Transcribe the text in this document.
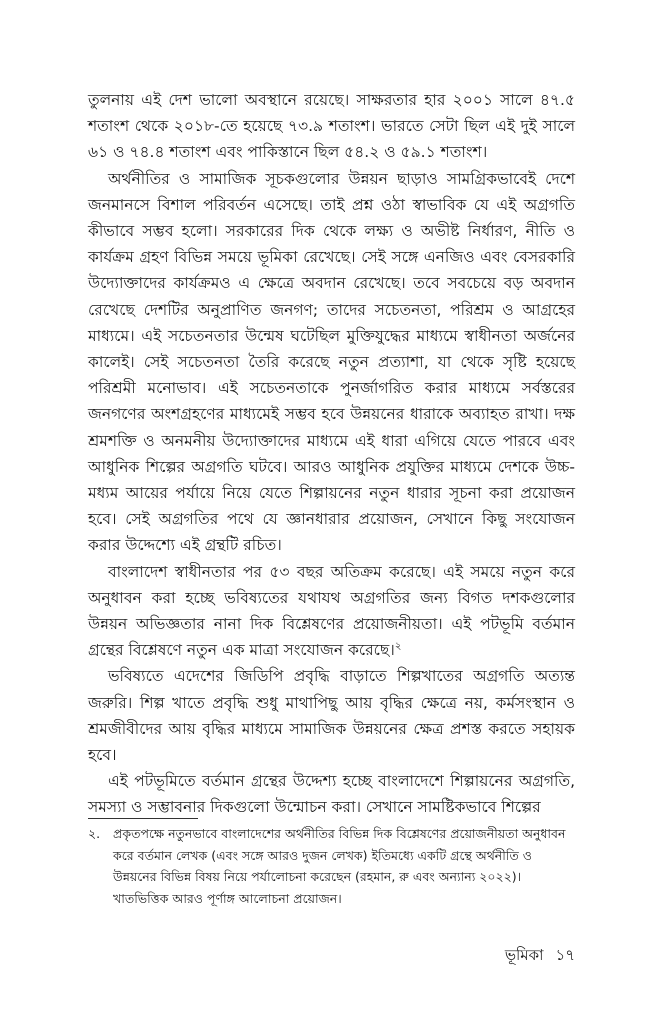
তুলনায় এই দেশ ভালো অবস্থানে রয়েছে। সাক্ষরতার হার ২০০১ সালে ৪৭.৫ শতাংশ থেকে ২০১৮-তে হয়েছে ৭৩.৯ শতাংশ। ভারতে সেটা ছিল এই দুই সালে ৬১ ও ৭৪.৪ শতাংশ এবং পাকিস্তানে ছিল ৫৪.২ ও ৫৯.১ শতাংশ।

অর্থনীতির ও সামাজিক সূচকগুলোর উন্নয়ন ছাড়াও সামগ্রিকভাবেই দেশে জনমানসে বিশাল পরিবর্তন এসেছে। তাই প্রশ্ন ওঠা স্বাভাবিক যে এই অগ্রগতি কীভাবে সম্ভব হলো। সরকারের দিক থেকে লক্ষ্য ও অভীষ্ট নির্ধারণ, নীতি ও কার্যক্রম গ্রহণ বিভিন্ন সময়ে ভূমিকা রেখেছে। সেই সঙ্গে এনজিও এবং বেসরকারি উদ্যোক্তাদের কার্যক্রমও এ ক্ষেত্রে অবদান রেখেছে। তবে সবচেয়ে বড় অবদান রেখেছে দেশটির অনুপ্রাণিত জনগণ; তাদের সচেতনতা, পরিশ্রম ও আগ্রহের মাধ্যমে। এই সচেতনতার উন্মেষ ঘটেছিল মুক্তিযুদ্ধের মাধ্যমে স্বাধীনতা অর্জনের কালেই। সেই সচেতনতা তৈরি করেছে নতুন প্রত্যাশা, যা থেকে সৃষ্টি হয়েছে পরিশ্রমী মনোভাব। এই সচেতনতাকে পুনর্জাগরিত করার মাধ্যমে সর্বস্তরের জনগণের অংশগ্রহণের মাধ্যমেই সম্ভব হবে উন্নয়নের ধারাকে অব্যাহত রাখা। দক্ষ শ্রমশক্তি ও অনমনীয় উদ্যোক্তাদের মাধ্যমে এই ধারা এগিয়ে যেতে পারবে এবং আধুনিক শিল্পের অগ্রগতি ঘটবে। আরও আধুনিক প্রযুক্তির মাধ্যমে দেশকে উচ্চ-মধ্যম আয়ের পর্যায়ে নিয়ে যেতে শিল্পায়নের নতুন ধারার সূচনা করা প্রয়োজন হবে। সেই অগ্রগতির পথে যে জ্ঞানধারার প্রয়োজন, সেখানে কিছু সংযোজন করার উদ্দেশ্যে এই গ্রন্থটি রচিত।

বাংলাদেশ স্বাধীনতার পর ৫৩ বছর অতিক্রম করেছে। এই সময়ে নতুন করে অনুধাবন করা হচ্ছে ভবিষ্যতের যথাযথ অগ্রগতির জন্য বিগত দশকগুলোর উন্নয়ন অভিজ্ঞতার নানা দিক বিশ্লেষণের প্রয়োজনীয়তা। এই পটভূমি বর্তমান গ্রন্থের বিশ্লেষণে নতুন এক মাত্রা সংযোজন করেছে।$^২$

ভবিষ্যতে এদেশের জিডিপি প্রবৃদ্ধি বাড়াতে শিল্পখাতের অগ্রগতি অত্যন্ত জরুরি। শিল্প খাতে প্রবৃদ্ধি শুধু মাথাপিছু আয় বৃদ্ধির ক্ষেত্রে নয়, কর্মসংস্থান ও শ্রমজীবীদের আয় বৃদ্ধির মাধ্যমে সামাজিক উন্নয়নের ক্ষেত্র প্রশস্ত করতে সহায়ক হবে।

এই পটভূমিতে বর্তমান গ্রন্থের উদ্দেশ্য হচ্ছে বাংলাদেশে শিল্পায়নের অগ্রগতি, সমস্যা ও সম্ভাবনার দিকগুলো উন্মোচন করা। সেখানে সামষ্টিকভাবে শিল্পের

২.	প্রকৃতপক্ষে নতুনভাবে বাংলাদেশের অর্থনীতির বিভিন্ন দিক বিশ্লেষণের প্রয়োজনীয়তা অনুধাবন করে বর্তমান লেখক (এবং সঙ্গে আরও দুজন লেখক) ইতিমধ্যে একটি গ্রন্থে অর্থনীতি ও উন্নয়নের বিভিন্ন বিষয় নিয়ে পর্যালোচনা করেছেন (রহমান, রু এবং অন্যান্য ২০২২)। খাতভিত্তিক আরও পূর্ণাঙ্গ আলোচনা প্রয়োজন।
ভূমিকা ১৭
